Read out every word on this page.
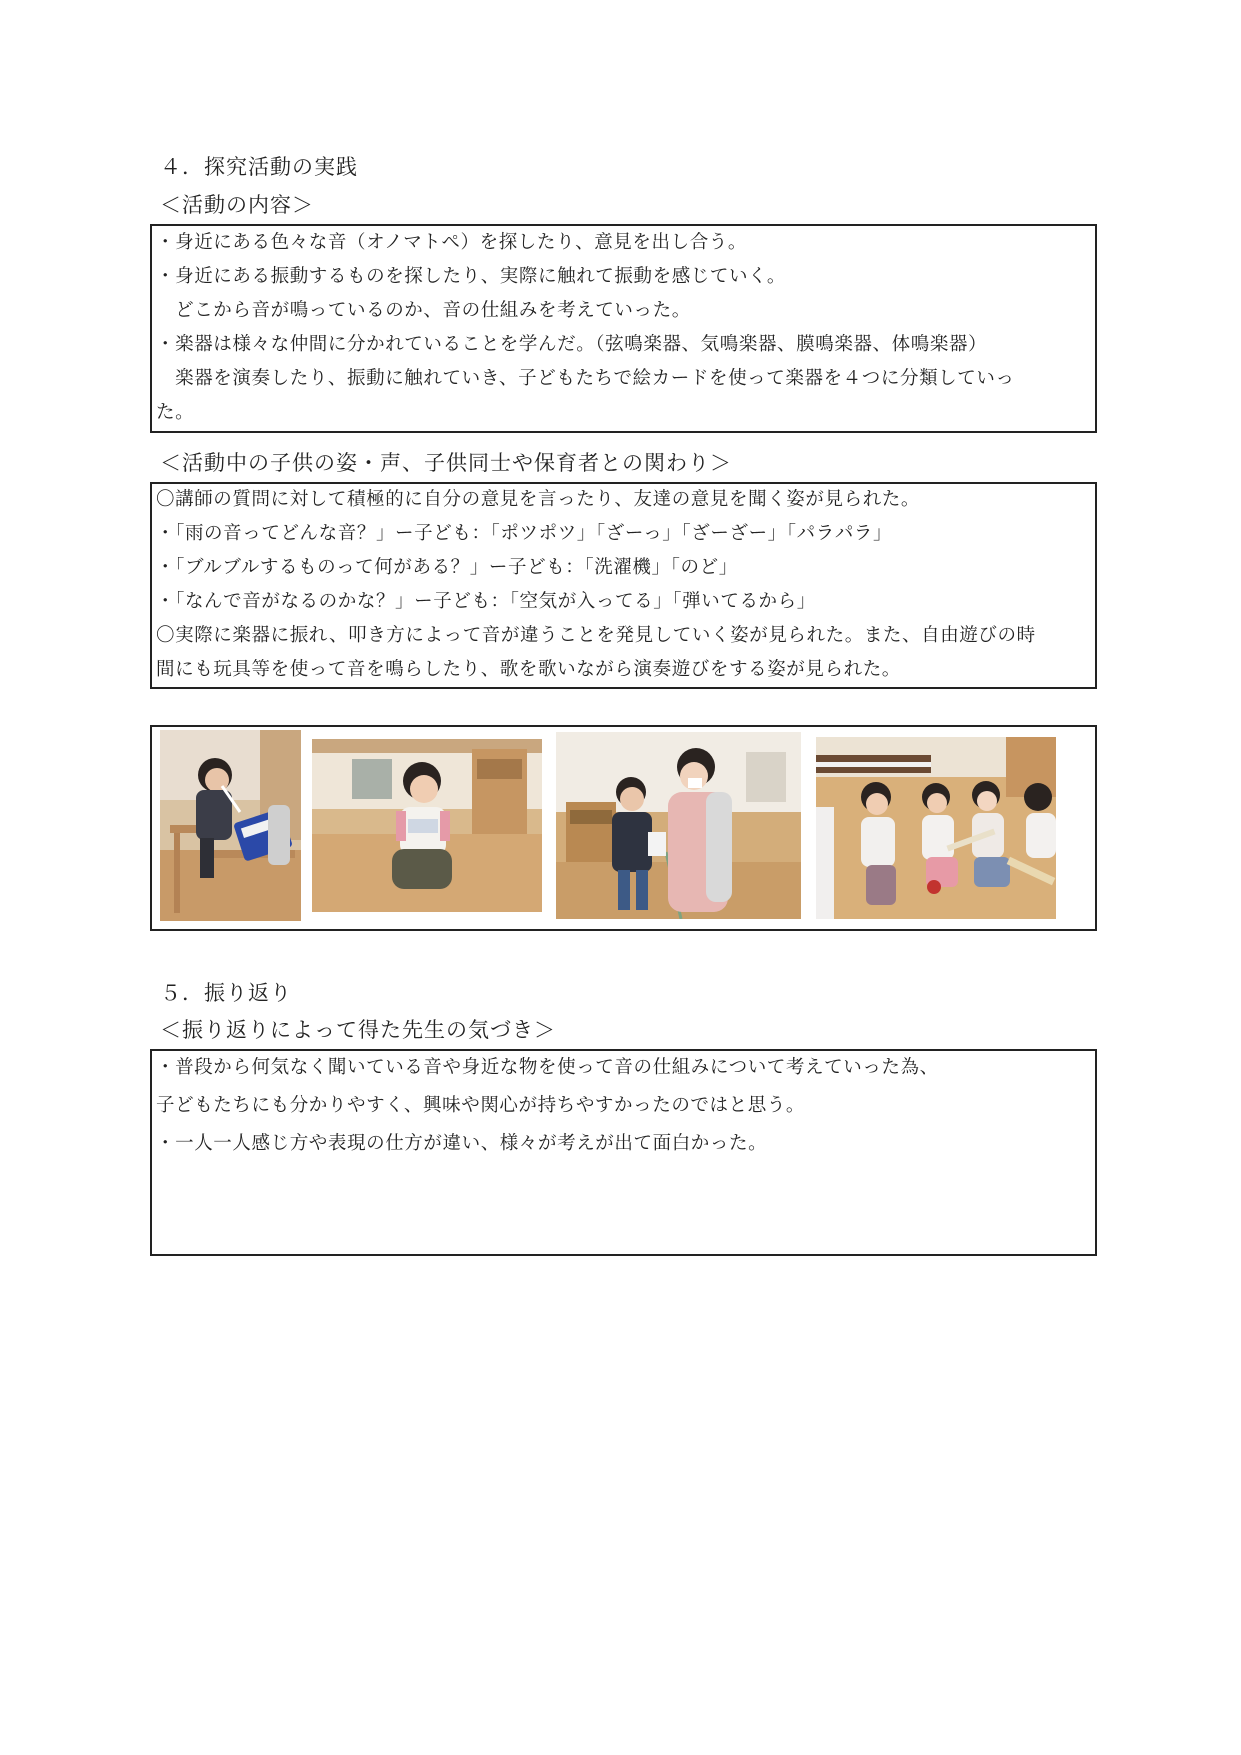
４．探究活動の実践
＜活動の内容＞
・身近にある色々な音（オノマトペ）を探したり、意見を出し合う。
・身近にある振動するものを探したり、実際に触れて振動を感じていく。
　どこから音が鳴っているのか、音の仕組みを考えていった。
・楽器は様々な仲間に分かれていることを学んだ。（弦鳴楽器、気鳴楽器、膜鳴楽器、体鳴楽器）
　楽器を演奏したり、振動に触れていき、子どもたちで絵カードを使って楽器を４つに分類していっ
た。
＜活動中の子供の姿・声、子供同士や保育者との関わり＞
〇講師の質問に対して積極的に自分の意見を言ったり、友達の意見を聞く姿が見られた。
・「雨の音ってどんな音？」ー子ども：「ポツポツ」「ざーっ」「ざーざー」「パラパラ」
・「ブルブルするものって何がある？」ー子ども：「洗濯機」「のど」
・「なんで音がなるのかな？」ー子ども：「空気が入ってる」「弾いてるから」
〇実際に楽器に振れ、叩き方によって音が違うことを発見していく姿が見られた。また、自由遊びの時
間にも玩具等を使って音を鳴らしたり、歌を歌いながら演奏遊びをする姿が見られた。
５．振り返り
＜振り返りによって得た先生の気づき＞
・普段から何気なく聞いている音や身近な物を使って音の仕組みについて考えていった為、
子どもたちにも分かりやすく、興味や関心が持ちやすかったのではと思う。
・一人一人感じ方や表現の仕方が違い、様々が考えが出て面白かった。
